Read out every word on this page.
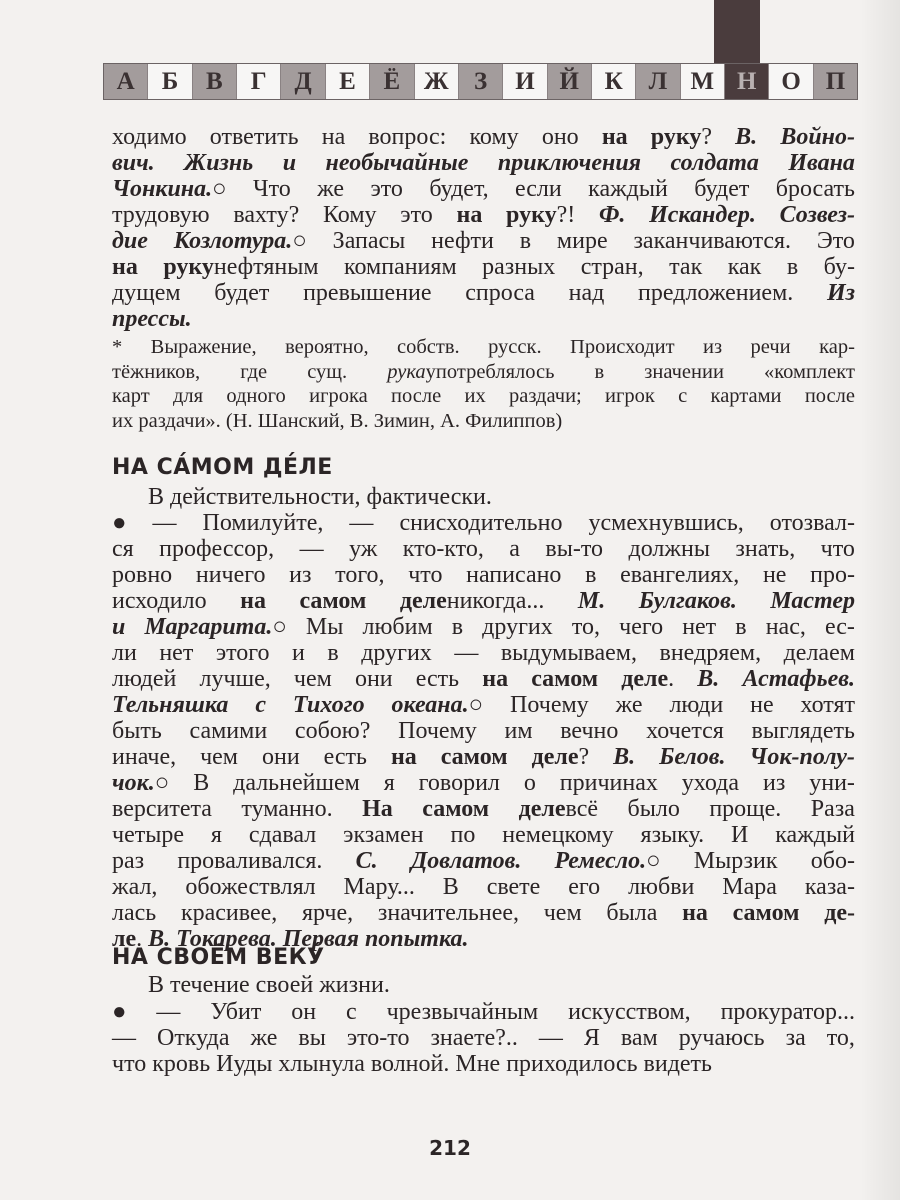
А	Б	В	Г	Д	Е	Ё Ж	З	И Й	К	Л М Н О П
ходимо ответить на вопрос: кому оно на руку? В. Войно-
вич. Жизнь и необычайные приключения солдата Ивана
Чонкина.○ Что же это будет, если каждый будет бросать
трудовую вахту? Кому это на руку?! Ф. Искандер. Созвез-
дие Козлотура.○ Запасы нефти в мире заканчиваются. Это
на рукунефтяным компаниям разных стран, так как в бу-
дущем будет превышение спроса над предложением. Из
прессы.
* Выражение, вероятно, собств. русск. Происходит из речи кар-
тёжников, где сущ. рукаупотреблялось в значении «комплект
карт для одного игрока после их раздачи; игрок с картами после
их раздачи». (Н. Шанский, В. Зимин, А. Филиппов)
НА СА́МОМ ДЕ́ЛЕ
В действительности, фактически.
● — Помилуйте, — снисходительно усмехнувшись, отозвал-
ся профессор, — уж кто-кто, а вы-то должны знать, что
ровно ничего из того, что написано в евангелиях, не про-
исходило на самом деленикогда... М. Булгаков. Мастер
и Маргарита.○ Мы любим в других то, чего нет в нас, ес-
ли нет этого и в других — выдумываем, внедряем, делаем
людей лучше, чем они есть на самом деле. В. Астафьев.
Тельняшка с Тихого океана.○ Почему же люди не хотят
быть самими собою? Почему им вечно хочется выглядеть
иначе, чем они есть на самом деле? В. Белов. Чок-полу-
чок.○ В дальнейшем я говорил о причинах ухода из уни-
верситета туманно. На самом делевсё было проще. Раза
четыре я сдавал экзамен по немецкому языку. И каждый
раз проваливался. С. Довлатов. Ремесло.○ Мырзик обо-
жал, обожествлял Мару... В свете его любви Мара каза-
лась красивее, ярче, значительнее, чем была на самом де-
ле . В. Токарева. Первая попытка.
НА СВОЁМ ВЕКУ́
В течение своей жизни.
● — Убит он с чрезвычайным искусством, прокуратор...
— Откуда же вы это-то знаете?.. — Я вам ручаюсь за то,
что кровь Иуды хлынула волной. Мне приходилось видеть
212
